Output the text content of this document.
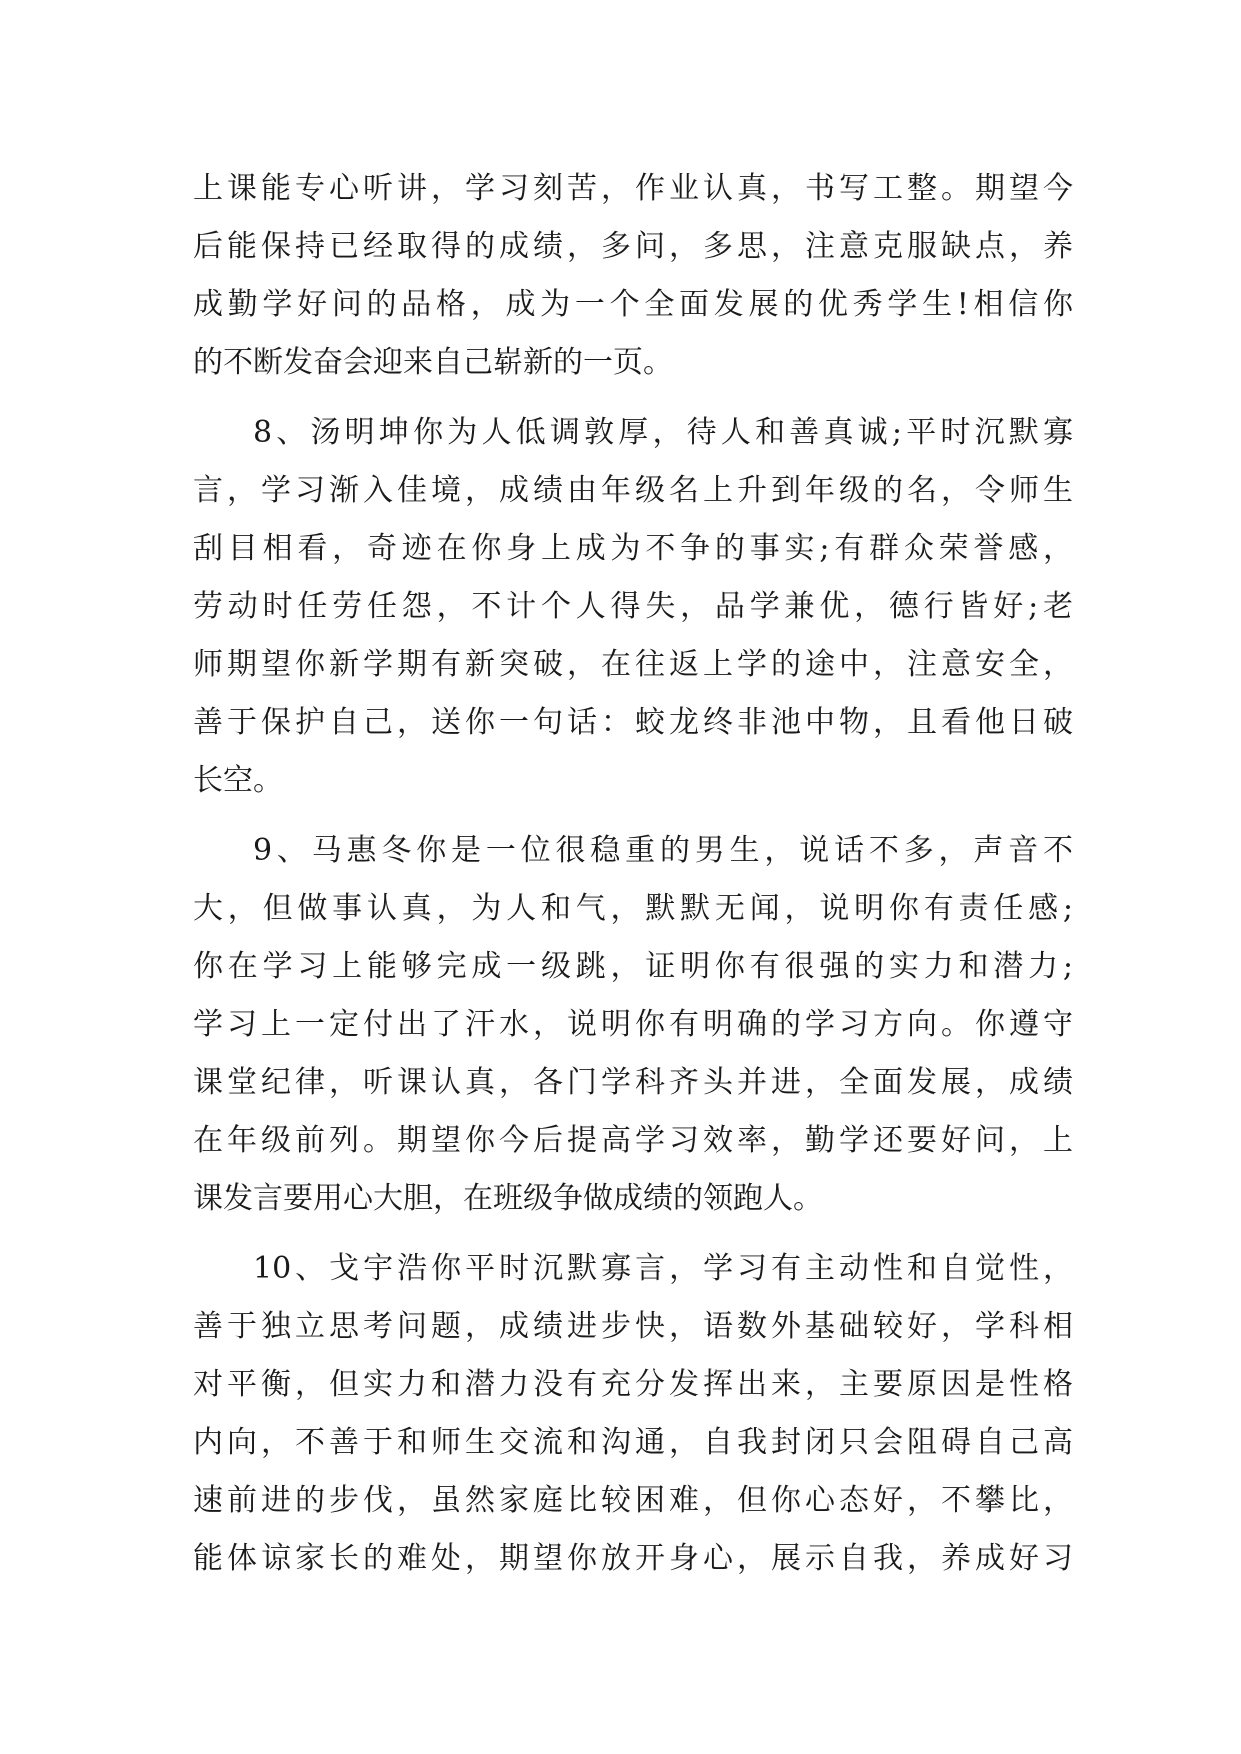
上课能专心听讲，学习刻苦，作业认真，书写工整。期望今
后能保持已经取得的成绩，多问，多思，注意克服缺点，养
成勤学好问的品格，成为一个全面发展的优秀学生!相信你
的不断发奋会迎来自己崭新的一页。
8、汤明坤你为人低调敦厚，待人和善真诚;平时沉默寡
言，学习渐入佳境，成绩由年级名上升到年级的名，令师生
刮目相看，奇迹在你身上成为不争的事实;有群众荣誉感，
劳动时任劳任怨，不计个人得失，品学兼优，德行皆好;老
师期望你新学期有新突破，在往返上学的途中，注意安全，
善于保护自己，送你一句话：蛟龙终非池中物，且看他日破
长空。
9、马惠冬你是一位很稳重的男生，说话不多，声音不
大，但做事认真，为人和气，默默无闻，说明你有责任感;
你在学习上能够完成一级跳，证明你有很强的实力和潜力;
学习上一定付出了汗水，说明你有明确的学习方向。你遵守
课堂纪律，听课认真，各门学科齐头并进，全面发展，成绩
在年级前列。期望你今后提高学习效率，勤学还要好问，上
课发言要用心大胆，在班级争做成绩的领跑人。
10、戈宇浩你平时沉默寡言，学习有主动性和自觉性，
善于独立思考问题，成绩进步快，语数外基础较好，学科相
对平衡，但实力和潜力没有充分发挥出来，主要原因是性格
内向，不善于和师生交流和沟通，自我封闭只会阻碍自己高
速前进的步伐，虽然家庭比较困难，但你心态好，不攀比，
能体谅家长的难处，期望你放开身心，展示自我，养成好习
